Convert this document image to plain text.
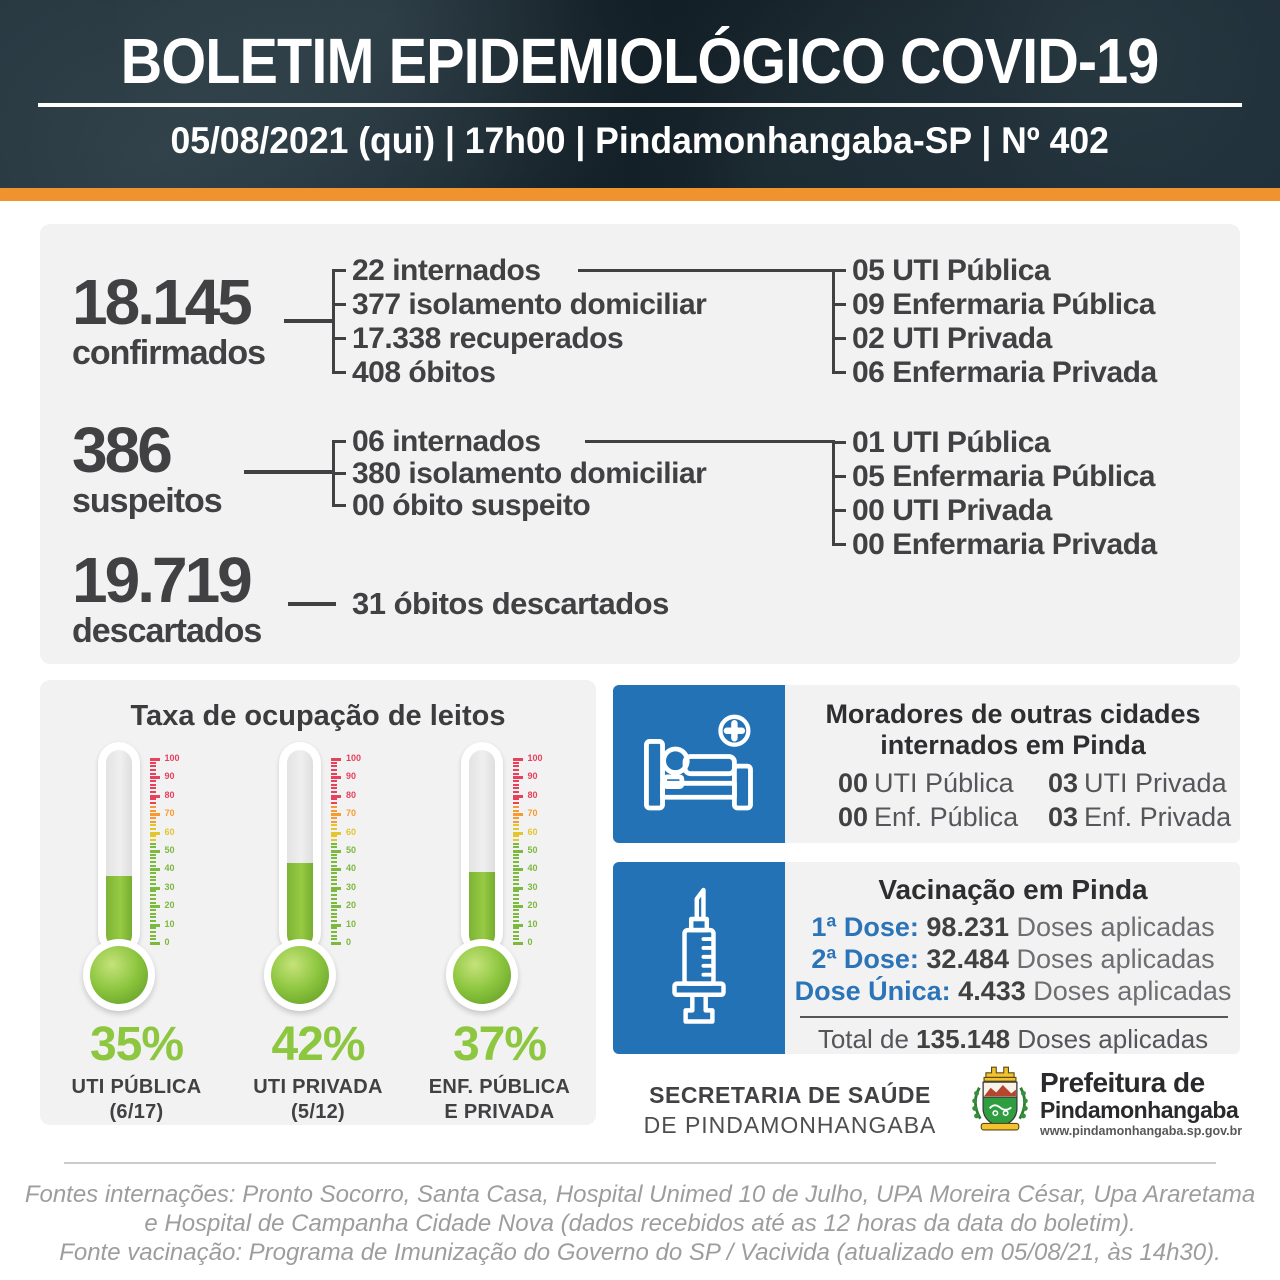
BOLETIM EPIDEMIOLÓGICO COVID-19
05/08/2021 (qui) | 17h00 | Pindamonhangaba-SP | Nº 402
18.145
confirmados
22 internados
377 isolamento domiciliar
17.338 recuperados
408 óbitos
05 UTI Pública
09 Enfermaria Pública
02 UTI Privada
06 Enfermaria Privada
386
suspeitos
06 internados
380 isolamento domiciliar
00 óbito suspeito
01 UTI Pública
05 Enfermaria Pública
00 UTI Privada
00 Enfermaria Privada
19.719
descartados
31 óbitos descartados
Taxa de ocupação de leitos
100
90
80
70
60
50
40
30
20
10
0
35%
UTI PÚBLICA
(6/17)
100
90
80
70
60
50
40
30
20
10
0
42%
UTI PRIVADA
(5/12)
100
90
80
70
60
50
40
30
20
10
0
37%
ENF. PÚBLICA
E PRIVADA
Moradores de outras cidades
internados em Pinda
00 UTI Pública
00 Enf. Pública
03 UTI Privada
03 Enf. Privada
Vacinação em Pinda
1ª Dose: 98.231 Doses aplicadas
2ª Dose: 32.484 Doses aplicadas
Dose Única: 4.433 Doses aplicadas
Total de 135.148 Doses aplicadas
SECRETARIA DE SAÚDE
DE PINDAMONHANGABA
Prefeitura de
Pindamonhangaba
www.pindamonhangaba.sp.gov.br
Fontes internações: Pronto Socorro, Santa Casa, Hospital Unimed 10 de Julho, UPA Moreira César, Upa Araretama
e Hospital de Campanha Cidade Nova (dados recebidos até as 12 horas da data do boletim).
Fonte vacinação: Programa de Imunização do Governo do SP / Vacivida (atualizado em 05/08/21, às 14h30).
